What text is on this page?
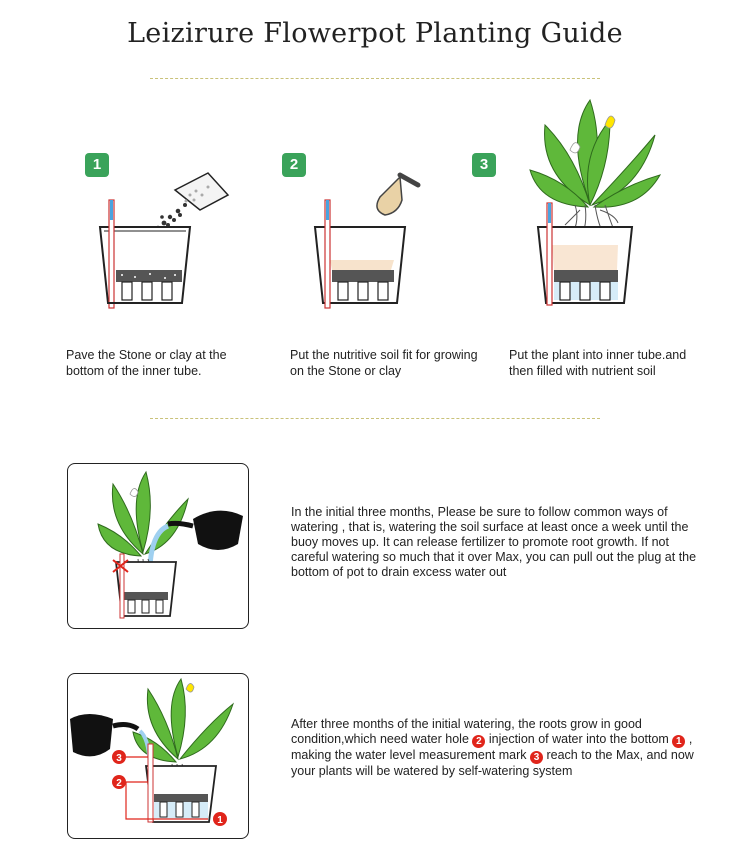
Leizirure Flowerpot Planting Guide
1	2	3
Pave the Stone or clay at the bottom of the inner tube.
Put the nutritive soil fit for growing on the Stone or clay
Put the plant into inner tube.and then filled with nutrient soil
In the initial three months, Please be sure to follow common ways of watering , that is, watering the soil surface at least once a week until the buoy moves up. It can release fertilizer to promote root growth. If not careful watering so much that it over Max, you can pull out the plug at the bottom of pot to drain excess water out
3
2
1
After three months of the initial watering, the roots grow in good condition,which need water hole 2 injection of water into the bottom 1 , making the water level measurement mark 3 reach to the Max, and now your plants will be watered by self-watering system
